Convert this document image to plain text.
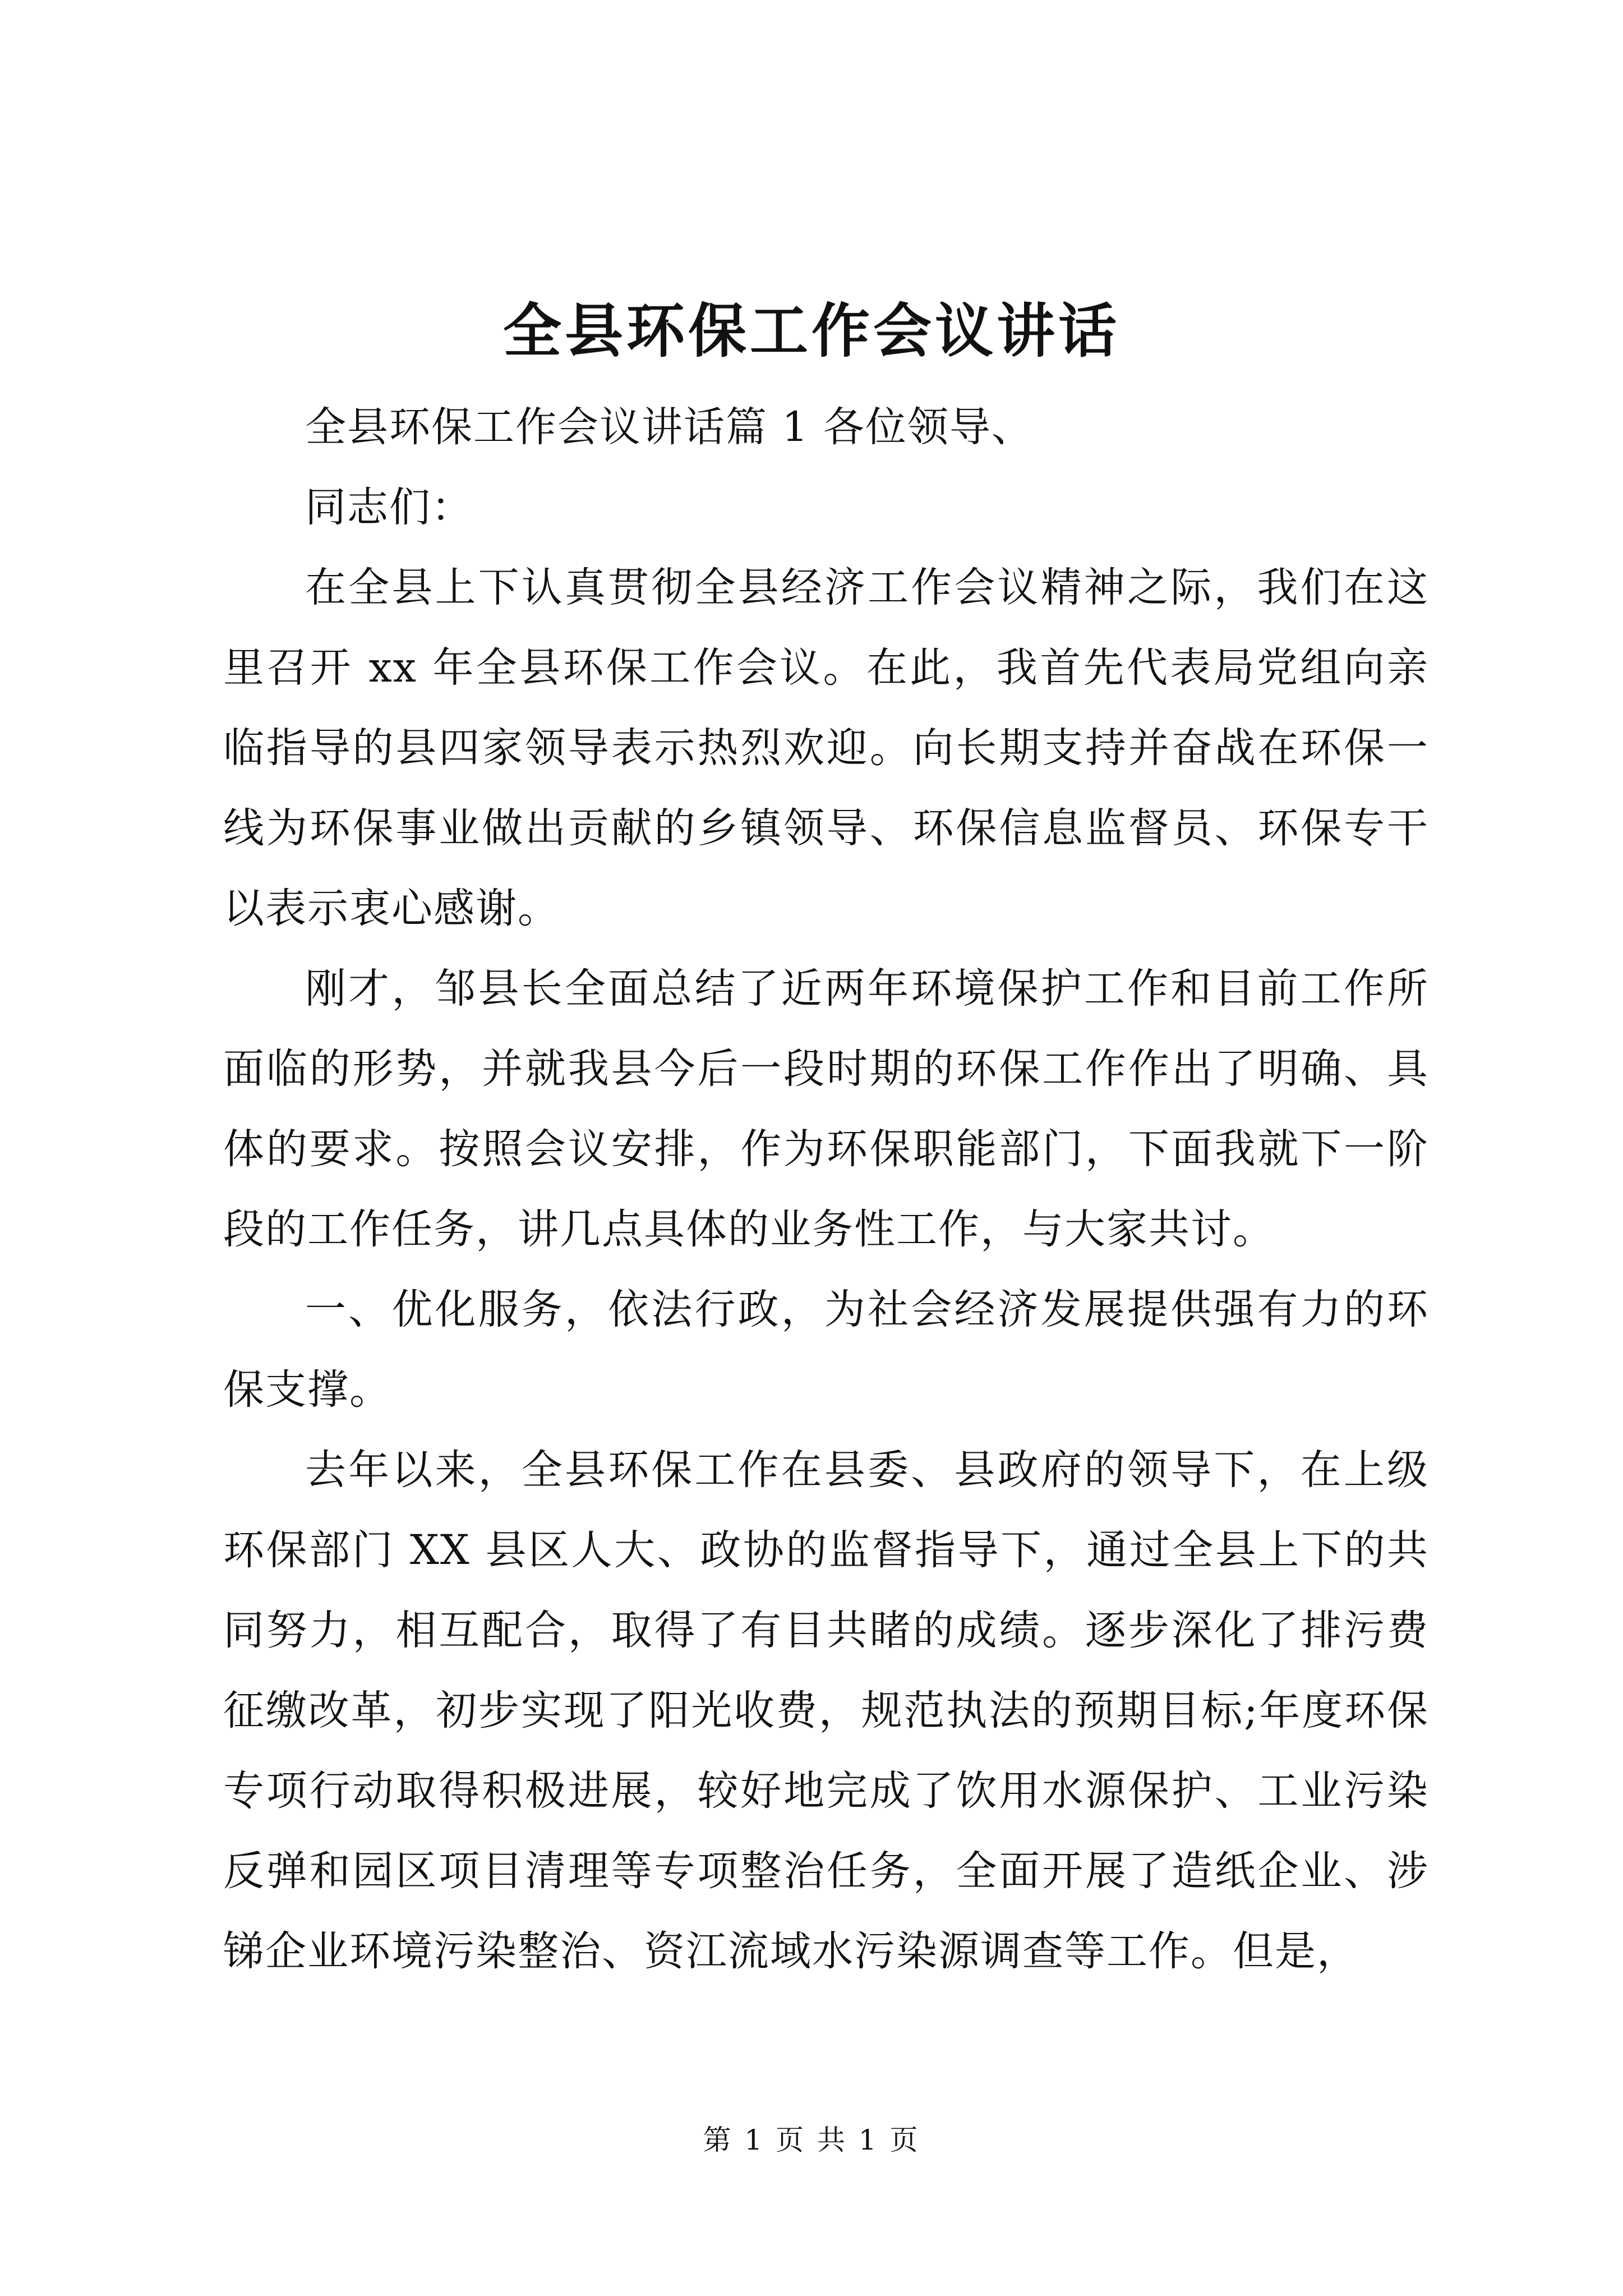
全县环保工作会议讲话

全县环保工作会议讲话篇 1 各位领导、

同志们：

在全县上下认真贯彻全县经济工作会议精神之际，我们在这里召开 xx 年全县环保工作会议。在此，我首先代表局党组向亲临指导的县四家领导表示热烈欢迎。向长期支持并奋战在环保一线为环保事业做出贡献的乡镇领导、环保信息监督员、环保专干以表示衷心感谢。

刚才，邹县长全面总结了近两年环境保护工作和目前工作所面临的形势，并就我县今后一段时期的环保工作作出了明确、具体的要求。按照会议安排，作为环保职能部门，下面我就下一阶段的工作任务，讲几点具体的业务性工作，与大家共讨。

一、优化服务，依法行政，为社会经济发展提供强有力的环保支撑。

去年以来，全县环保工作在县委、县政府的领导下，在上级环保部门 XX 县区人大、政协的监督指导下，通过全县上下的共同努力，相互配合，取得了有目共睹的成绩。逐步深化了排污费征缴改革，初步实现了阳光收费，规范执法的预期目标;年度环保专项行动取得积极进展，较好地完成了饮用水源保护、工业污染反弹和园区项目清理等专项整治任务，全面开展了造纸企业、涉锑企业环境污染整治、资江流域水污染源调查等工作。但是，

第 1 页 共 1 页
